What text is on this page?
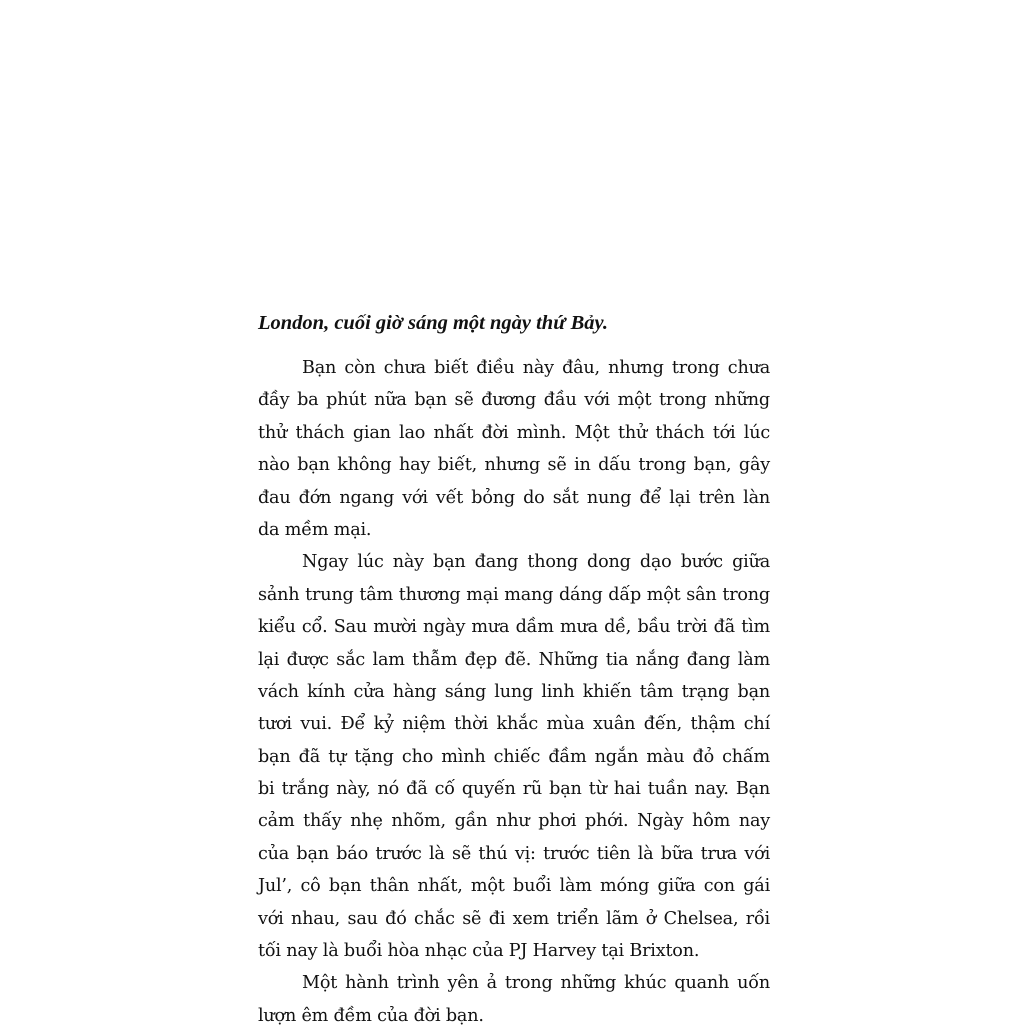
London, cuối giờ sáng một ngày thứ Bảy.
Bạn còn chưa biết điều này đâu, nhưng trong chưa
đầy ba phút nữa bạn sẽ đương đầu với một trong những
thử thách gian lao nhất đời mình. Một thử thách tới lúc
nào bạn không hay biết, nhưng sẽ in dấu trong bạn, gây
đau đớn ngang với vết bỏng do sắt nung để lại trên làn
da mềm mại.
Ngay lúc này bạn đang thong dong dạo bước giữa
sảnh trung tâm thương mại mang dáng dấp một sân trong
kiểu cổ. Sau mười ngày mưa dầm mưa dề, bầu trời đã tìm
lại được sắc lam thẫm đẹp đẽ. Những tia nắng đang làm
vách kính cửa hàng sáng lung linh khiến tâm trạng bạn
tươi vui. Để kỷ niệm thời khắc mùa xuân đến, thậm chí
bạn đã tự tặng cho mình chiếc đầm ngắn màu đỏ chấm
bi trắng này, nó đã cố quyến rũ bạn từ hai tuần nay. Bạn
cảm thấy nhẹ nhõm, gần như phơi phới. Ngày hôm nay
của bạn báo trước là sẽ thú vị: trước tiên là bữa trưa với
Jul’, cô bạn thân nhất, một buổi làm móng giữa con gái
với nhau, sau đó chắc sẽ đi xem triển lãm ở Chelsea, rồi
tối nay là buổi hòa nhạc của PJ Harvey tại Brixton.
Một hành trình yên ả trong những khúc quanh uốn
lượn êm đềm của đời bạn.
